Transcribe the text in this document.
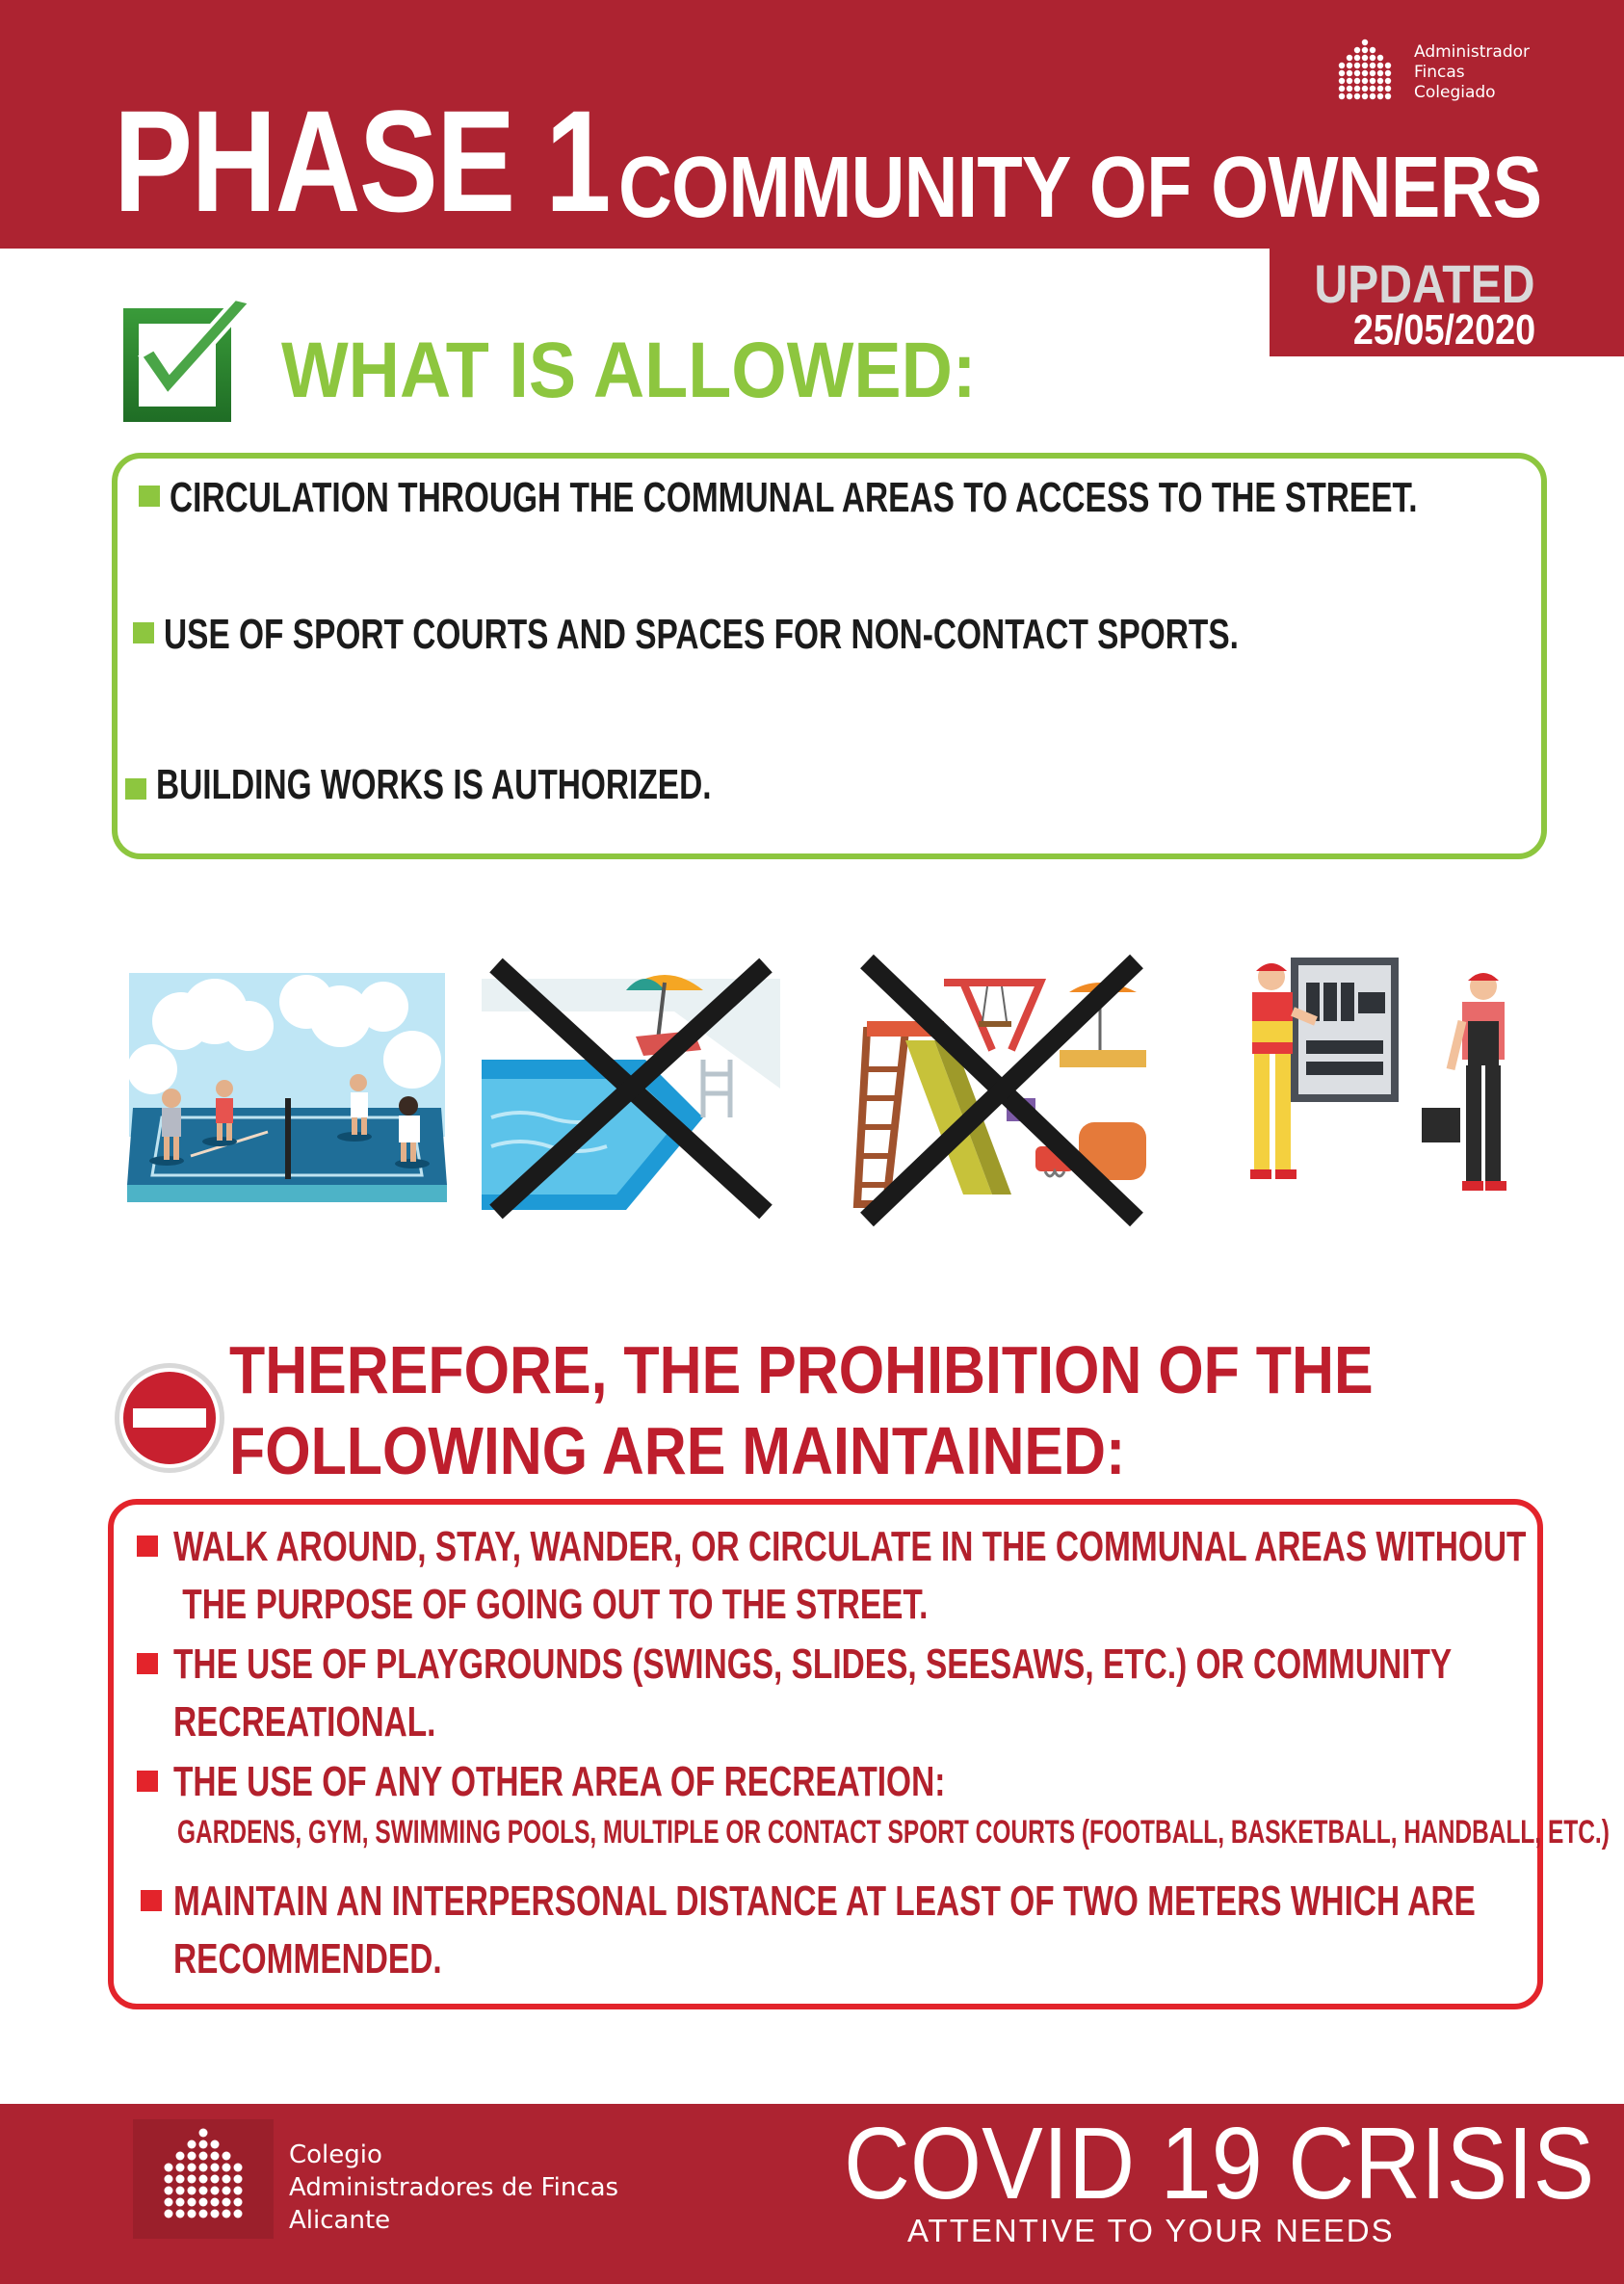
PHASE 1 COMMUNITY OF OWNERS
Administrador
Fincas
Colegiado
UPDATED
25/05/2020
WHAT IS ALLOWED:
CIRCULATION THROUGH THE COMMUNAL AREAS TO ACCESS TO THE STREET.
USE OF SPORT COURTS AND SPACES FOR NON-CONTACT SPORTS.
BUILDING WORKS IS AUTHORIZED.
THEREFORE, THE PROHIBITION OF THE
FOLLOWING ARE MAINTAINED:
WALK AROUND, STAY, WANDER, OR CIRCULATE IN THE COMMUNAL AREAS WITHOUT
THE PURPOSE OF GOING OUT TO THE STREET.
THE USE OF PLAYGROUNDS (SWINGS, SLIDES, SEESAWS, ETC.) OR COMMUNITY
RECREATIONAL.
THE USE OF ANY OTHER AREA OF RECREATION:
GARDENS, GYM, SWIMMING POOLS, MULTIPLE OR CONTACT SPORT COURTS (FOOTBALL, BASKETBALL, HANDBALL, ETC.)
MAINTAIN AN INTERPERSONAL DISTANCE AT LEAST OF TWO METERS WHICH ARE
RECOMMENDED.
Colegio
Administradores de Fincas
Alicante	COVID 19 CRISIS
ATTENTIVE TO YOUR NEEDS
